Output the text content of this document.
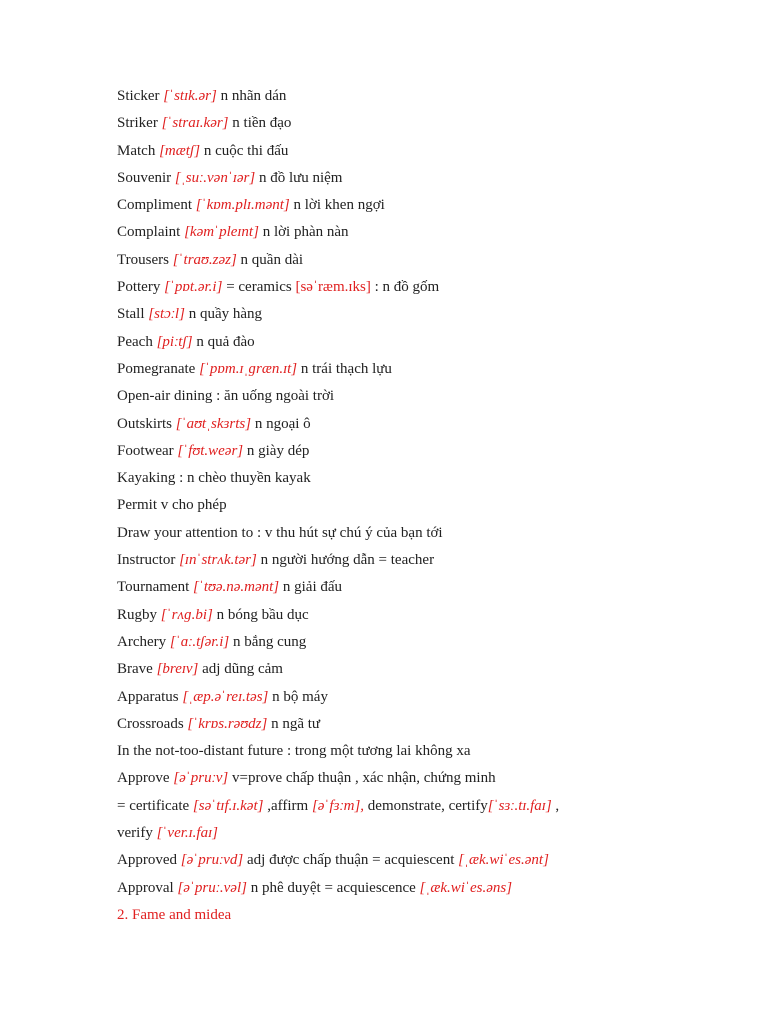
Sticker [ˈstɪk.ər] n nhãn dán
Striker [ˈstraɪ.kər] n tiền đạo
Match [mætʃ] n cuộc thi đấu
Souvenir [ˌsuː.vənˈɪər] n đồ lưu niệm
Compliment [ˈkɒm.plɪ.mənt] n lời khen ngợi
Complaint [kəmˈpleɪnt] n lời phàn nàn
Trousers [ˈtraʊ.zəz] n quần dài
Pottery [ˈpɒt.ər.i] = ceramics [səˈræm.ɪks] : n đồ gốm
Stall [stɔːl] n quầy hàng
Peach [piːtʃ] n quả đào
Pomegranate [ˈpɒm.ɪˌɡræn.ɪt] n trái thạch lựu
Open-air dining : ăn uống ngoài trời
Outskirts [ˈaʊtˌskɜrts] n ngoại ô
Footwear [ˈfʊt.weər] n giày dép
Kayaking : n chèo thuyền kayak
Permit v cho phép
Draw your attention to : v thu hút sự chú ý của bạn tới
Instructor [ɪnˈstrʌk.tər] n người hướng dẫn = teacher
Tournament [ˈtʊə.nə.mənt] n giải đấu
Rugby [ˈrʌɡ.bi] n bóng bầu dục
Archery [ˈɑː.tʃər.i] n bắng cung
Brave [breɪv] adj dũng cảm
Apparatus [ˌæp.əˈreɪ.təs] n bộ máy
Crossroads [ˈkrɒs.rəʊdz] n ngã tư
In the not-too-distant future : trong một tương lai không xa
Approve [əˈpruːv] v=prove chấp thuận , xác nhận, chứng minh
= certificate [səˈtɪf.ɪ.kət] ,affirm [əˈfɜːm], demonstrate, certify[ˈsɜː.tɪ.faɪ] ,
verify [ˈver.ɪ.faɪ]
Approved [əˈpruːvd] adj được chấp thuận = acquiescent [ˌæk.wiˈes.ənt]
Approval [əˈpruː.vəl] n phê duyệt = acquiescence [ˌæk.wiˈes.əns]
2. Fame and midea
